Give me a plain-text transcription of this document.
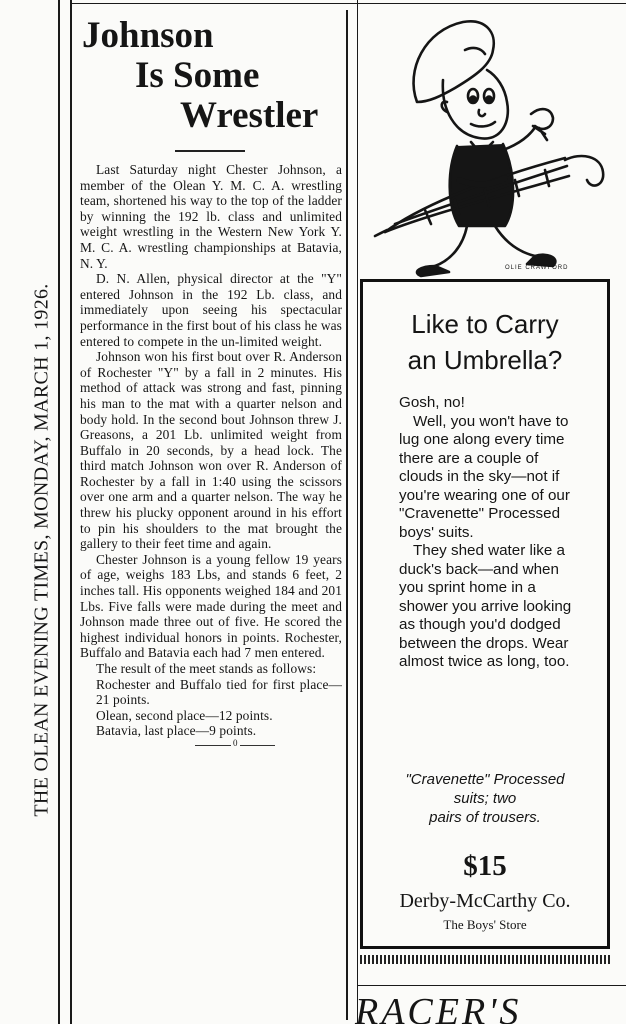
THE OLEAN EVENING TIMES, MONDAY, MARCH 1, 1926.
Johnson
Is Some
Wrestler

Last Saturday night Chester Johnson, a member of the Olean Y. M. C. A. wrestling team, shortened his way to the top of the ladder by winning the 192 lb. class and unlimited weight wrestling in the Western New York Y. M. C. A. wrestling championships at Batavia, N. Y.

D. N. Allen, physical director at the "Y" entered Johnson in the 192 Lb. class, and immediately upon seeing his spectacular performance in the first bout of his class he was entered to compete in the un-limited weight.

Johnson won his first bout over R. Anderson of Rochester "Y" by a fall in 2 minutes. His method of attack was strong and fast, pinning his man to the mat with a quarter nelson and body hold. In the second bout Johnson threw J. Greasons, a 201 Lb. unlimited weight from Buffalo in 20 seconds, by a head lock. The third match Johnson won over R. Anderson of Rochester by a fall in 1:40 using the scissors over one arm and a quarter nelson. The way he threw his plucky opponent around in his effort to pin his shoulders to the mat brought the gallery to their feet time and again.

Chester Johnson is a young fellow 19 years of age, weighs 183 Lbs, and stands 6 feet, 2 inches tall. His opponents weighed 184 and 201 Lbs. Five falls were made during the meet and Johnson made three out of five. He scored the highest individual honors in points. Rochester, Buffalo and Batavia each had 7 men entered.

The result of the meet stands as follows:

Rochester and Buffalo tied for first place—21 points.

Olean, second place—12 points.

Batavia, last place—9 points.

0
OLIE CRAWFORD
Like to Carry
an Umbrella?

Gosh, no!

Well, you won't have to lug one along every time there are a couple of clouds in the sky—not if you're wearing one of our "Cravenette" Processed boys' suits.

They shed water like a duck's back—and when you sprint home in a shower you arrive looking as though you'd dodged between the drops. Wear almost twice as long, too.

"Cravenette" Processed suits; two
pairs of trousers.
$15
Derby-McCarthy Co.
The Boys' Store
RACER'S
